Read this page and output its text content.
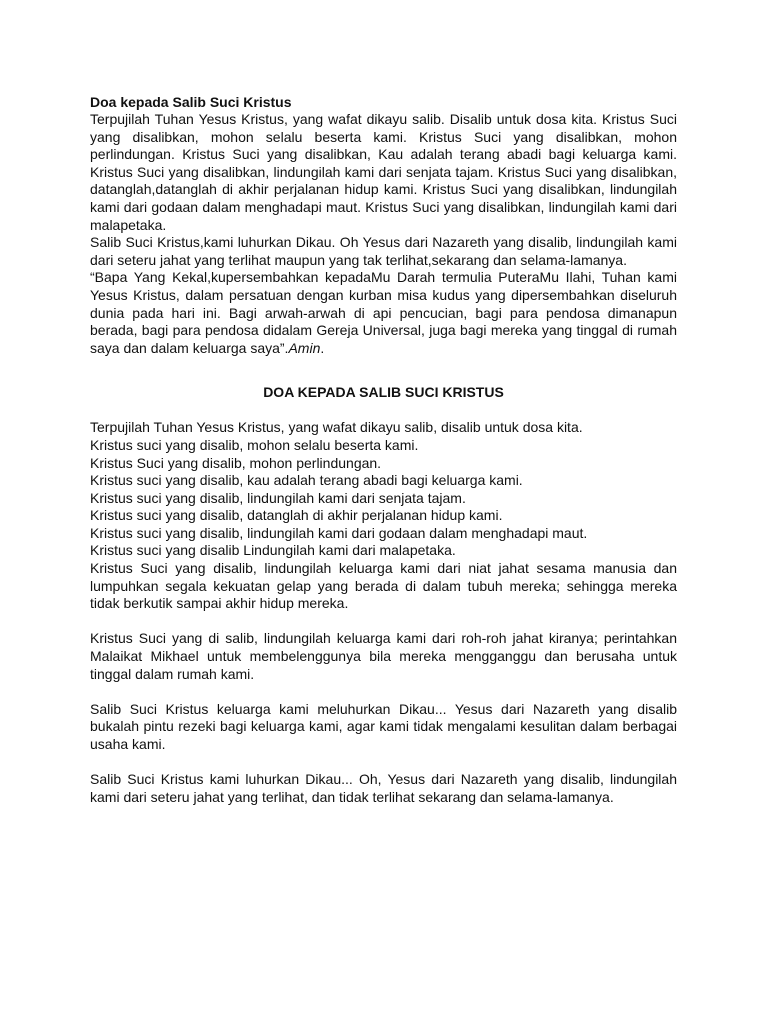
Doa kepada Salib Suci Kristus

Terpujilah Tuhan Yesus Kristus, yang wafat dikayu salib. Disalib untuk dosa kita. Kristus Suci yang disalibkan, mohon selalu beserta kami. Kristus Suci yang disalibkan, mohon perlindungan. Kristus Suci yang disalibkan, Kau adalah terang abadi bagi keluarga kami. Kristus Suci yang disalibkan, lindungilah kami dari senjata tajam. Kristus Suci yang disalibkan, datanglah,datanglah di akhir perjalanan hidup kami. Kristus Suci yang disalibkan, lindungilah kami dari godaan dalam menghadapi maut. Kristus Suci yang disalibkan, lindungilah kami dari malapetaka.

Salib Suci Kristus,kami luhurkan Dikau. Oh Yesus dari Nazareth yang disalib, lindungilah kami dari seteru jahat yang terlihat maupun yang tak terlihat,sekarang dan selama-lamanya.

“Bapa Yang Kekal,kupersembahkan kepadaMu Darah termulia PuteraMu Ilahi, Tuhan kami Yesus Kristus, dalam persatuan dengan kurban misa kudus yang dipersembahkan diseluruh dunia pada hari ini. Bagi arwah-arwah di api pencucian, bagi para pendosa dimanapun berada, bagi para pendosa didalam Gereja Universal, juga bagi mereka yang tinggal di rumah saya dan dalam keluarga saya”.Amin.

DOA KEPADA SALIB SUCI KRISTUS

Terpujilah Tuhan Yesus Kristus, yang wafat dikayu salib, disalib untuk dosa kita.

Kristus suci yang disalib, mohon selalu beserta kami.

Kristus Suci yang disalib, mohon perlindungan.

Kristus suci yang disalib, kau adalah terang abadi bagi keluarga kami.

Kristus suci yang disalib, lindungilah kami dari senjata tajam.

Kristus suci yang disalib, datanglah di akhir perjalanan hidup kami.

Kristus suci yang disalib, lindungilah kami dari godaan dalam menghadapi maut.

Kristus suci yang disalib Lindungilah kami dari malapetaka.

Kristus Suci yang disalib, lindungilah keluarga kami dari niat jahat sesama manusia dan lumpuhkan segala kekuatan gelap yang berada di dalam tubuh mereka; sehingga mereka tidak berkutik sampai akhir hidup mereka.

Kristus Suci yang di salib, lindungilah keluarga kami dari roh-roh jahat kiranya; perintahkan Malaikat Mikhael untuk membelenggunya bila mereka mengganggu dan berusaha untuk tinggal dalam rumah kami.

Salib Suci Kristus keluarga kami meluhurkan Dikau... Yesus dari Nazareth yang disalib bukalah pintu rezeki bagi keluarga kami, agar kami tidak mengalami kesulitan dalam berbagai usaha kami.

Salib Suci Kristus kami luhurkan Dikau... Oh, Yesus dari Nazareth yang disalib, lindungilah kami dari seteru jahat yang terlihat, dan tidak terlihat sekarang dan selama-lamanya.
